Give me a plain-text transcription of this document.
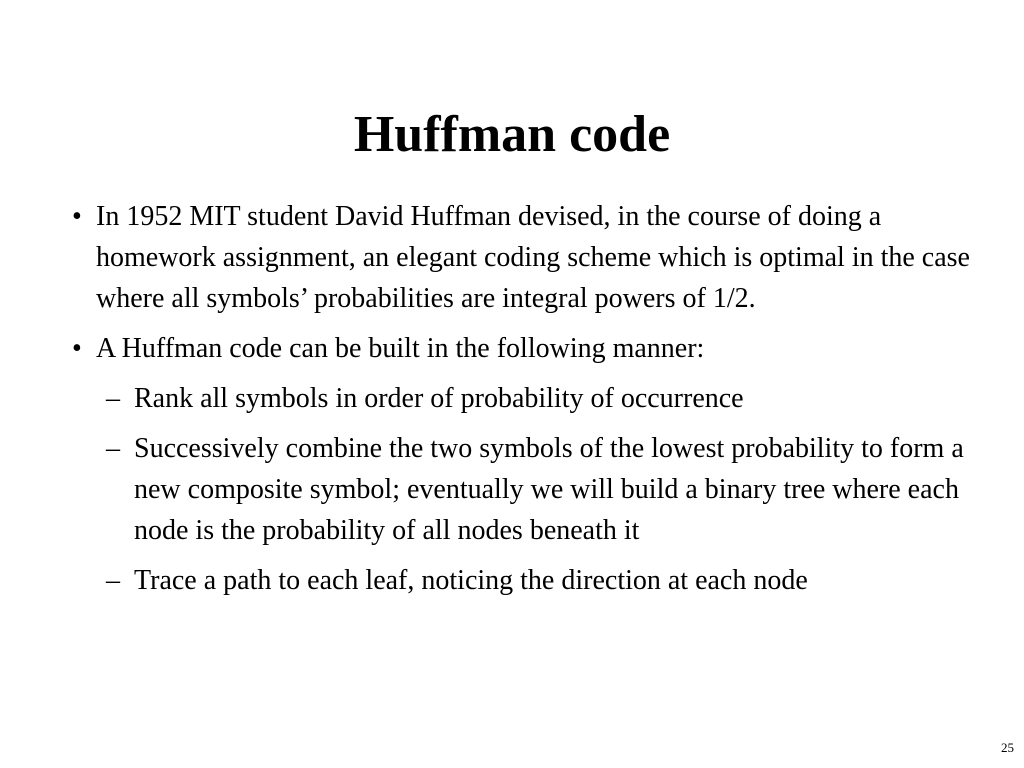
Huffman code
• In 1952 MIT student David Huffman devised, in the course of doing a homework assignment, an elegant coding scheme which is optimal in the case where all symbols’ probabilities are integral powers of 1/2.
• A Huffman code can be built in the following manner:
– Rank all symbols in order of probability of occurrence
– Successively combine the two symbols of the lowest probability to form a new composite symbol; eventually we will build a binary tree where each node is the probability of all nodes beneath it
– Trace a path to each leaf, noticing the direction at each node
25
